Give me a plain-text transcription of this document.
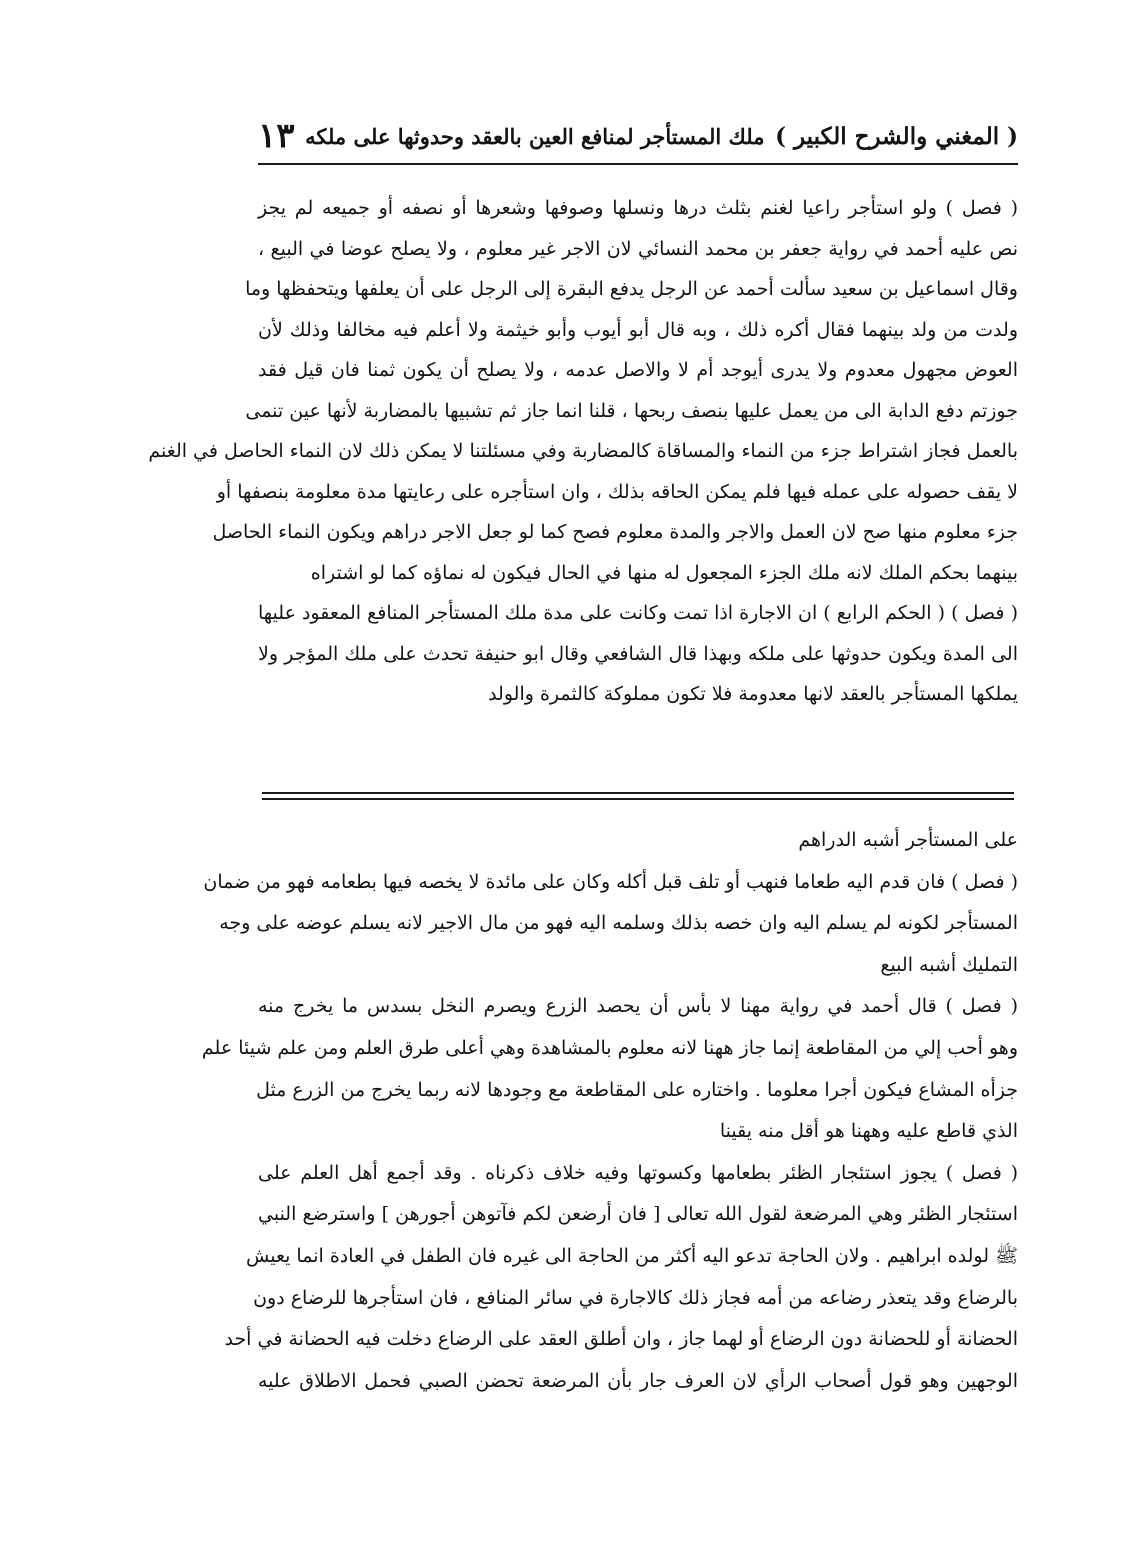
( المغني والشرح الكبير )
ملك المستأجر لمنافع العين بالعقد وحدوثها على ملكه
١٣
( فصل ) ولو استأجر راعيا لغنم بثلث درها ونسلها وصوفها وشعرها أو نصفه أو جميعه لم يجز
نص عليه أحمد في رواية جعفر بن محمد النسائي لان الاجر غير معلوم ، ولا يصلح عوضا في البيع ،
وقال اسماعيل بن سعيد سألت أحمد عن الرجل يدفع البقرة إلى الرجل على أن يعلفها ويتحفظها وما
ولدت من ولد بينهما فقال أكره ذلك ، وبه قال أبو أيوب وأبو خيثمة ولا أعلم فيه مخالفا وذلك لأن
العوض مجهول معدوم ولا يدرى أيوجد أم لا والاصل عدمه ، ولا يصلح أن يكون ثمنا فان قيل فقد
جوزتم دفع الدابة الى من يعمل عليها بنصف ربحها ، قلنا انما جاز ثم تشبيها بالمضاربة لأنها عين تنمى
بالعمل فجاز اشتراط جزء من النماء والمساقاة كالمضاربة وفي مسئلتنا لا يمكن ذلك لان النماء الحاصل في الغنم
لا يقف حصوله على عمله فيها فلم يمكن الحاقه بذلك ، وان استأجره على رعايتها مدة معلومة بنصفها أو
جزء معلوم منها صح لان العمل والاجر والمدة معلوم فصح كما لو جعل الاجر دراهم ويكون النماء الحاصل
بينهما بحكم الملك لانه ملك الجزء المجعول له منها في الحال فيكون له نماؤه كما لو اشتراه
( فصل ) ( الحكم الرابع ) ان الاجارة اذا تمت وكانت على مدة ملك المستأجر المنافع المعقود عليها
الى المدة ويكون حدوثها على ملكه وبهذا قال الشافعي وقال ابو حنيفة تحدث على ملك المؤجر ولا
يملكها المستأجر بالعقد لانها معدومة فلا تكون مملوكة كالثمرة والولد
على المستأجر أشبه الدراهم
( فصل ) فان قدم اليه طعاما فنهب أو تلف قبل أكله وكان على مائدة لا يخصه فيها بطعامه فهو من ضمان
المستأجر لكونه لم يسلم اليه وان خصه بذلك وسلمه اليه فهو من مال الاجير لانه يسلم عوضه على وجه
التمليك أشبه البيع
( فصل ) قال أحمد في رواية مهنا لا بأس أن يحصد الزرع ويصرم النخل بسدس ما يخرج منه
وهو أحب إلي من المقاطعة إنما جاز ههنا لانه معلوم بالمشاهدة وهي أعلى طرق العلم ومن علم شيئا علم
جزأه المشاع فيكون أجرا معلوما . واختاره على المقاطعة مع وجودها لانه ربما يخرج من الزرع مثل
الذي قاطع عليه وههنا هو أقل منه يقينا
( فصل ) يجوز استئجار الظئر بطعامها وكسوتها وفيه خلاف ذكرناه . وقد أجمع أهل العلم على
استئجار الظئر وهي المرضعة لقول الله تعالى [ فان أرضعن لكم فآتوهن أجورهن ] واسترضع النبي
ﷺ لولده ابراهيم . ولان الحاجة تدعو اليه أكثر من الحاجة الى غيره فان الطفل في العادة انما يعيش
بالرضاع وقد يتعذر رضاعه من أمه فجاز ذلك كالاجارة في سائر المنافع ، فان استأجرها للرضاع دون
الحضانة أو للحضانة دون الرضاع أو لهما جاز ، وان أطلق العقد على الرضاع دخلت فيه الحضانة في أحد
الوجهين وهو قول أصحاب الرأي لان العرف جار بأن المرضعة تحضن الصبي فحمل الاطلاق عليه
